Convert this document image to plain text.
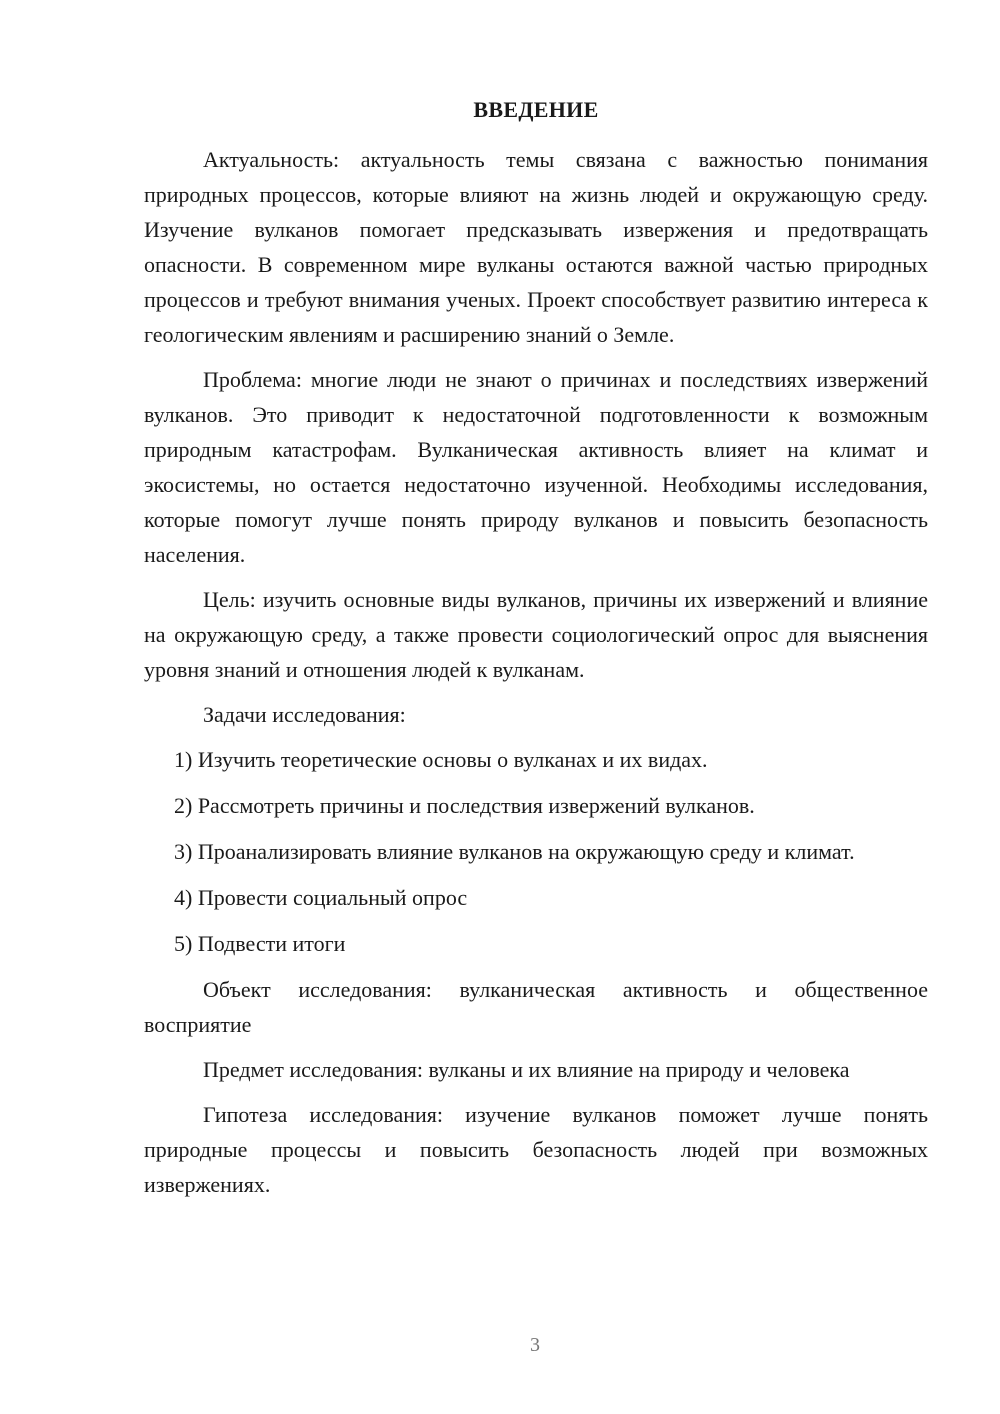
ВВЕДЕНИЕ
Актуальность: актуальность темы связана с важностью понимания природных процессов, которые влияют на жизнь людей и окружающую среду. Изучение вулканов помогает предсказывать извержения и предотвращать опасности. В современном мире вулканы остаются важной частью природных процессов и требуют внимания ученых. Проект способствует развитию интереса к геологическим явлениям и расширению знаний о Земле.
Проблема: многие люди не знают о причинах и последствиях извержений вулканов. Это приводит к недостаточной подготовленности к возможным природным катастрофам. Вулканическая активность влияет на климат и экосистемы, но остается недостаточно изученной. Необходимы исследования, которые помогут лучше понять природу вулканов и повысить безопасность населения.
Цель: изучить основные виды вулканов, причины их извержений и влияние на окружающую среду, а также провести социологический опрос для выяснения уровня знаний и отношения людей к вулканам.
Задачи исследования:
1) Изучить теоретические основы о вулканах и их видах.
2) Рассмотреть причины и последствия извержений вулканов.
3) Проанализировать влияние вулканов на окружающую среду и климат.
4) Провести социальный опрос
5) Подвести итоги
Объект исследования: вулканическая активность и общественное восприятие
Предмет исследования: вулканы и их влияние на природу и человека
Гипотеза исследования: изучение вулканов поможет лучше понять природные процессы и повысить безопасность людей при возможных извержениях.
3
